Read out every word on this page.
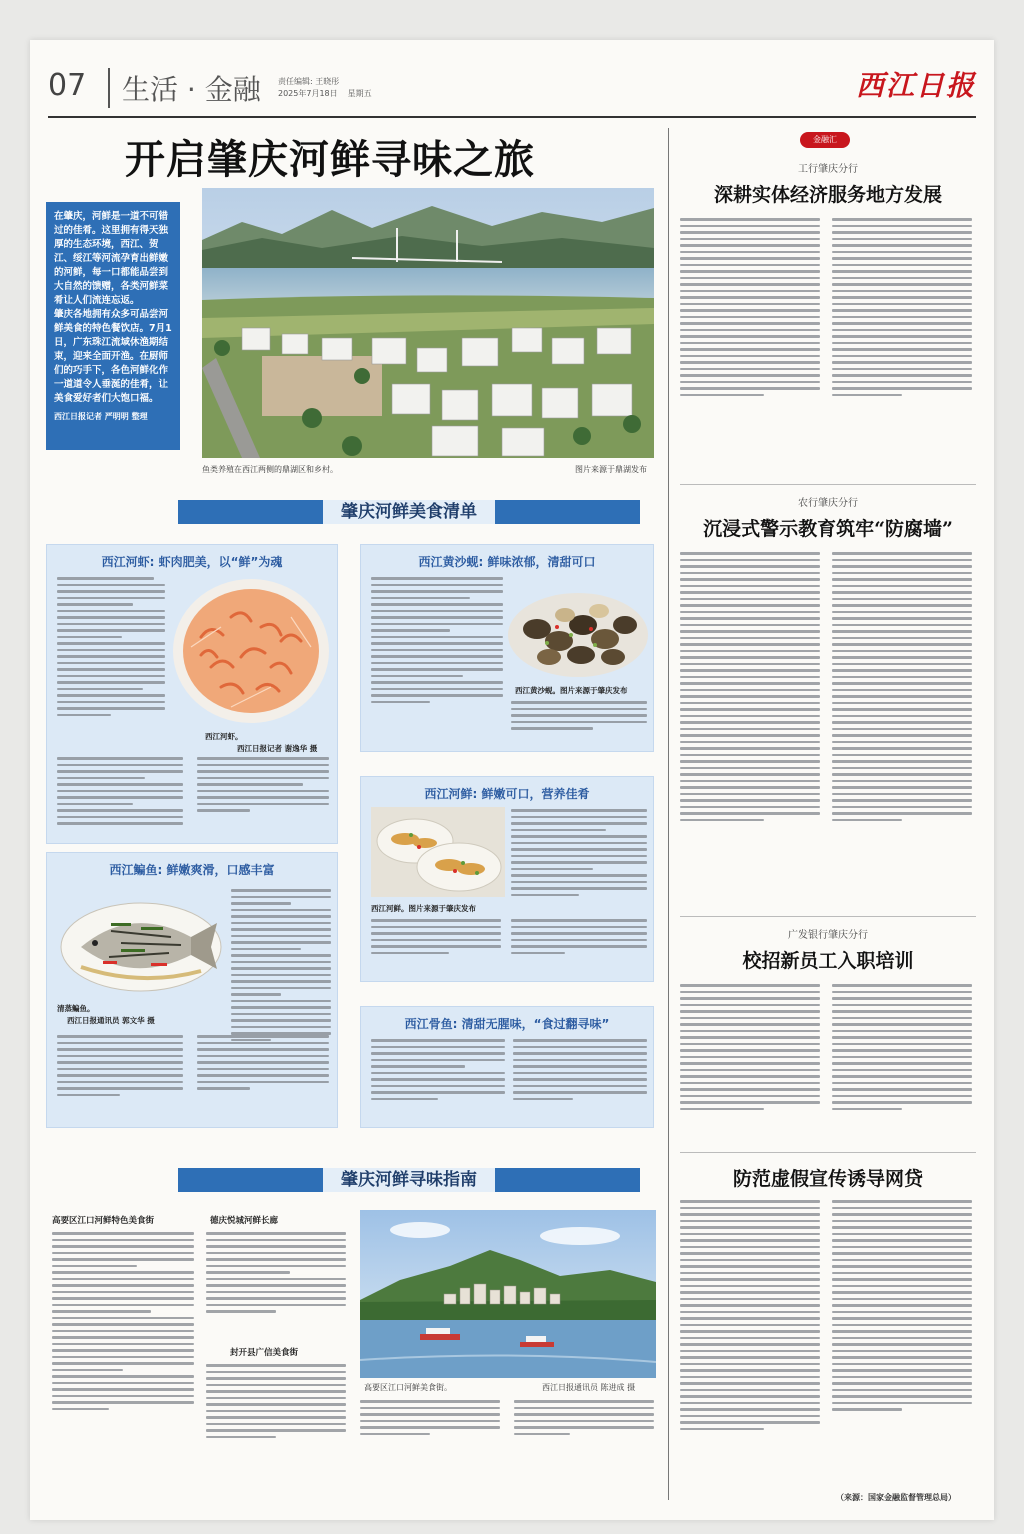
07	生活 · 金融 责任编辑: 王晓彤
2025年7月18日 星期五	西江日报
开启肇庆河鲜寻味之旅
在肇庆，河鲜是一道不可错过的佳肴。这里拥有得天独厚的生态环境，西江、贺江、绥江等河流孕育出鲜嫩的河鲜，每一口都能品尝到大自然的馈赠，各类河鲜菜肴让人们流连忘返。
肇庆各地拥有众多可品尝河鲜美食的特色餐饮店。7月1日，广东珠江流域休渔期结束，迎来全面开渔。在厨师们的巧手下，各色河鲜化作一道道令人垂涎的佳肴，让美食爱好者们大饱口福。
西江日报记者 严明明 整理
鱼类养殖在西江两侧的鼎湖区和乡村。	图片来源于鼎湖发布
肇庆河鲜美食清单
西江河虾: 虾肉肥美，以“鲜”为魂
西江河虾。
西江日报记者 谢逸华 摄
西江黄沙蚬: 鲜味浓郁，清甜可口
西江黄沙蚬。图片来源于肇庆发布
西江河鲜: 鲜嫩可口，营养佳肴
西江河鲜。图片来源于肇庆发布
西江鳊鱼: 鲜嫩爽滑，口感丰富
清蒸鳊鱼。
西江日报通讯员 郭文华 摄	西江骨鱼: 清甜无腥味，“食过翻寻味”
肇庆河鲜寻味指南
高要区江口河鲜特色美食街	德庆悦城河鲜长廊
封开县广信美食街
高要区江口河鲜美食街。	西江日报通讯员 陈进成 摄
金融汇
工行肇庆分行
深耕实体经济服务地方发展
农行肇庆分行
沉浸式警示教育筑牢“防腐墙”
广发银行肇庆分行
校招新员工入职培训
防范虚假宣传诱导网贷
（来源：国家金融监督管理总局）
